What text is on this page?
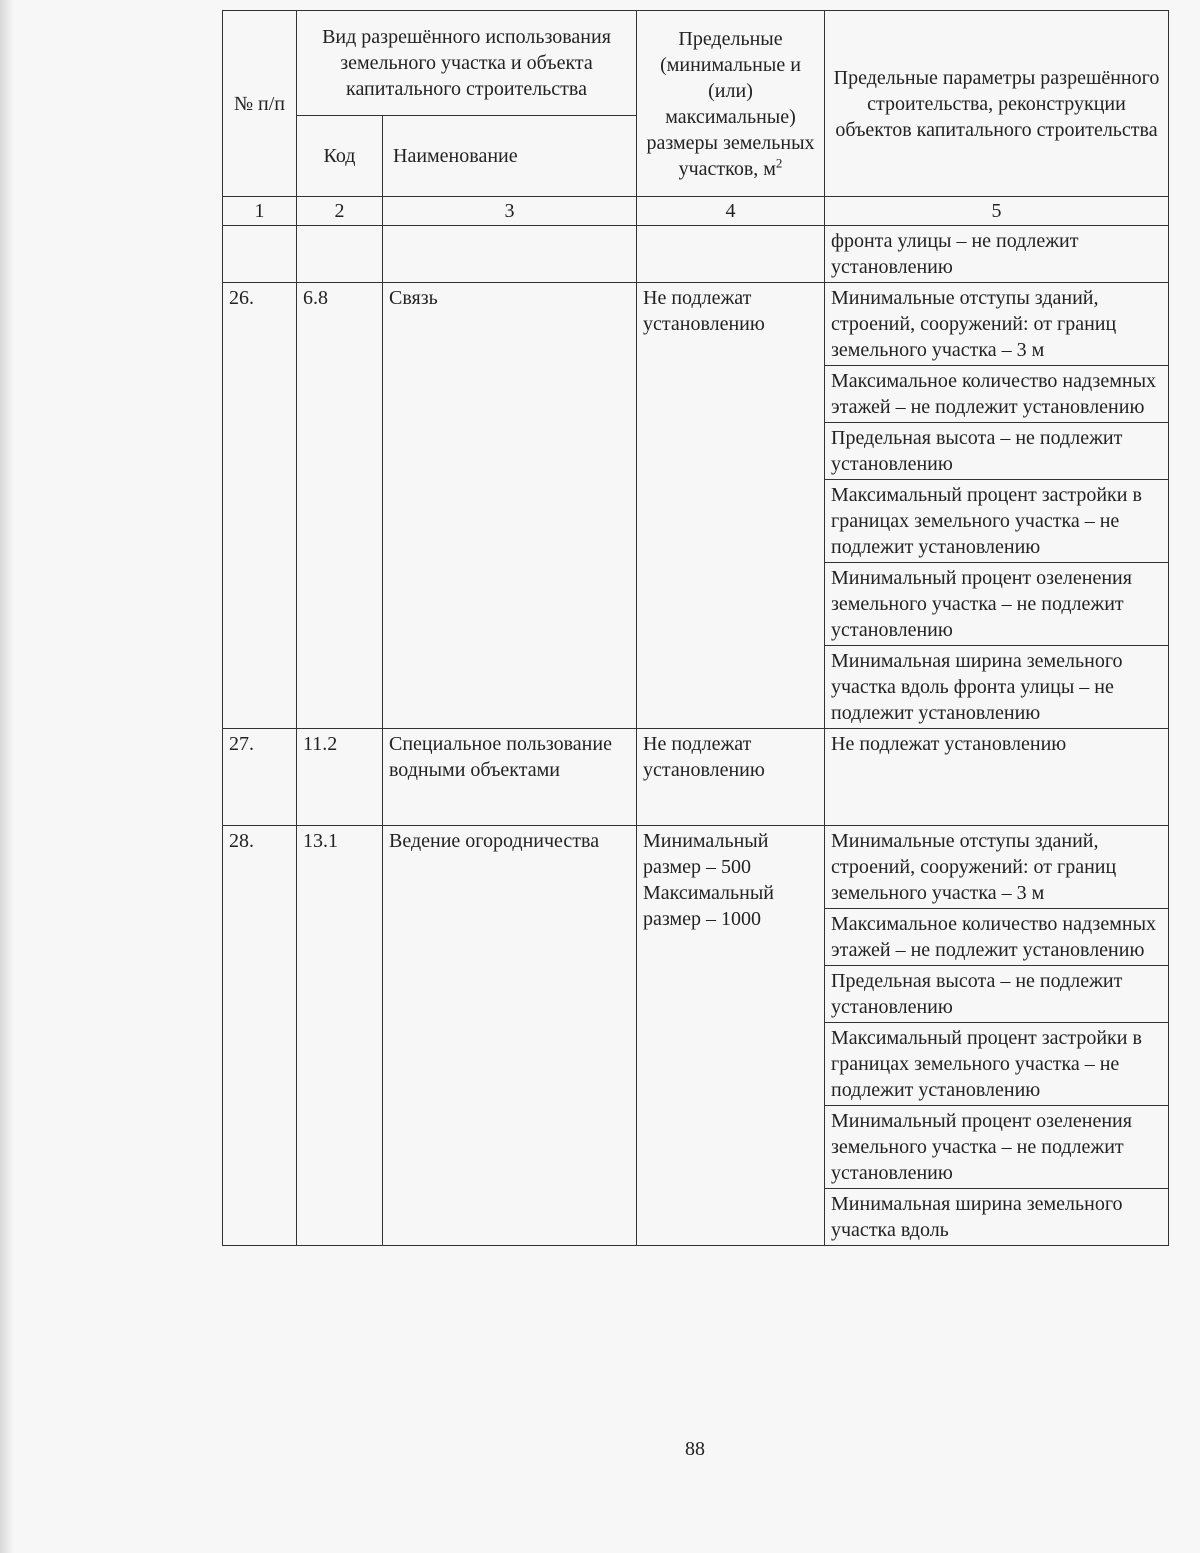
№ п/п	Вид разрешённого использования земельного участка и объекта капитального строительства		Предельные (минимальные и (или) максимальные) размеры земельных участков, $м^2$	Предельные параметры разрешённого строительства, реконструкции объектов капитального строительства
	Код	Наименование		
1	2	3	4	5
				фронта улицы – не подлежит установлению
26.	6.8	Связь	Не подлежат установлению	Минимальные отступы зданий, строений, сооружений: от границ земельного участка – 3 м
				Максимальное количество надземных этажей – не подлежит установлению
				Предельная высота – не подлежит установлению
				Максимальный процент застройки в границах земельного участка – не подлежит установлению
				Минимальный процент озеленения земельного участка – не подлежит установлению
				Минимальная ширина земельного участка вдоль фронта улицы – не подлежит установлению
27.	11.2	Специальное пользование водными объектами	Не подлежат установлению	Не подлежат установлению
28.	13.1	Ведение огородничества	Минимальный размер – 500 Максимальный размер – 1000	Минимальные отступы зданий, строений, сооружений: от границ земельного участка – 3 м
				Максимальное количество надземных этажей – не подлежит установлению
				Предельная высота – не подлежит установлению
				Максимальный процент застройки в границах земельного участка – не подлежит установлению
				Минимальный процент озеленения земельного участка – не подлежит установлению
				Минимальная ширина земельного участка вдоль
88
